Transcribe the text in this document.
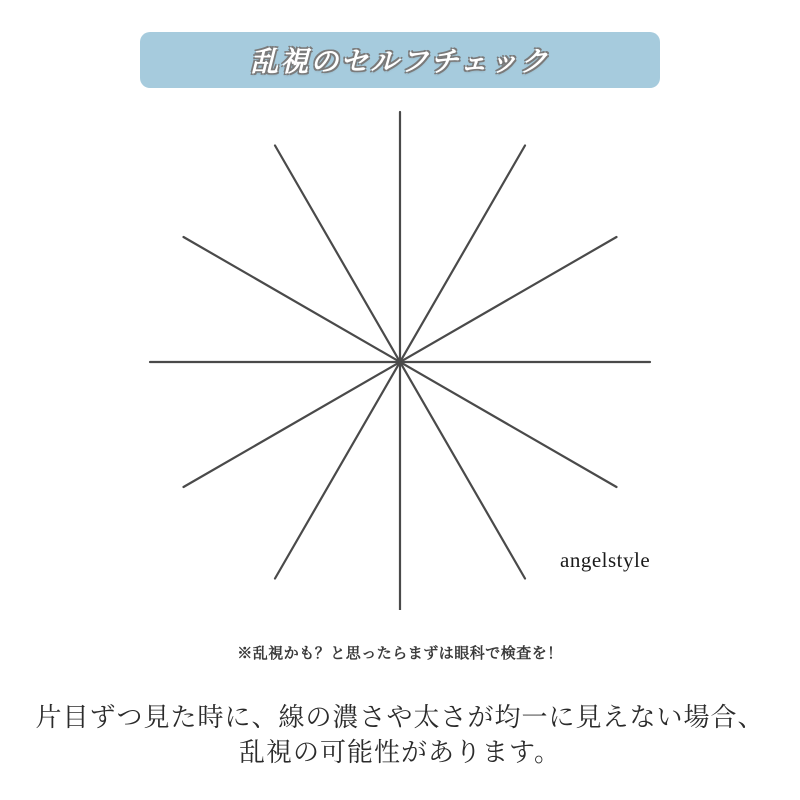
乱視のセルフチェック
angelstyle
※乱視かも？と思ったらまずは眼科で検査を！
片目ずつ見た時に、線の濃さや太さが均一に見えない場合、
乱視の可能性があります。
